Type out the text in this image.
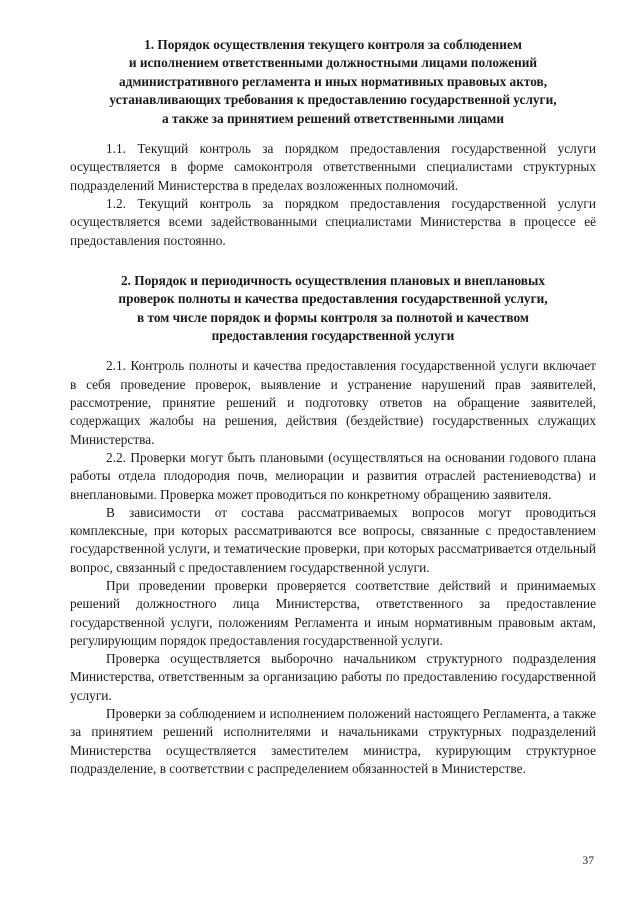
1. Порядок осуществления текущего контроля за соблюдением
и исполнением ответственными должностными лицами положений
административного регламента и иных нормативных правовых актов,
устанавливающих требования к предоставлению государственной услуги,
а также за принятием решений ответственными лицами

1.1. Текущий контроль за порядком предоставления государственной услуги осуществляется в форме самоконтроля ответственными специалистами структурных подразделений Министерства в пределах возложенных полномочий.

1.2. Текущий контроль за порядком предоставления государственной услуги осуществляется всеми задействованными специалистами Министерства в процессе её предоставления постоянно.

2. Порядок и периодичность осуществления плановых и внеплановых
проверок полноты и качества предоставления государственной услуги,
в том числе порядок и формы контроля за полнотой и качеством
предоставления государственной услуги

2.1. Контроль полноты и качества предоставления государственной услуги включает в себя проведение проверок, выявление и устранение нарушений прав заявителей, рассмотрение, принятие решений и подготовку ответов на обращение заявителей, содержащих жалобы на решения, действия (бездействие) государственных служащих Министерства.

2.2. Проверки могут быть плановыми (осуществляться на основании годового плана работы отдела плодородия почв, мелиорации и развития отраслей растениеводства) и внеплановыми. Проверка может проводиться по конкретному обращению заявителя.

В зависимости от состава рассматриваемых вопросов могут проводиться комплексные, при которых рассматриваются все вопросы, связанные с предоставлением государственной услуги, и тематические проверки, при которых рассматривается отдельный вопрос, связанный с предоставлением государственной услуги.

При проведении проверки проверяется соответствие действий и принимаемых решений должностного лица Министерства, ответственного за предоставление государственной услуги, положениям Регламента и иным нормативным правовым актам, регулирующим порядок предоставления государственной услуги.

Проверка осуществляется выборочно начальником структурного подразделения Министерства, ответственным за организацию работы по предоставлению государственной услуги.

Проверки за соблюдением и исполнением положений настоящего Регламента, а также за принятием решений исполнителями и начальниками структурных подразделений Министерства осуществляется заместителем министра, курирующим структурное подразделение, в соответствии с распределением обязанностей в Министерстве.

37
